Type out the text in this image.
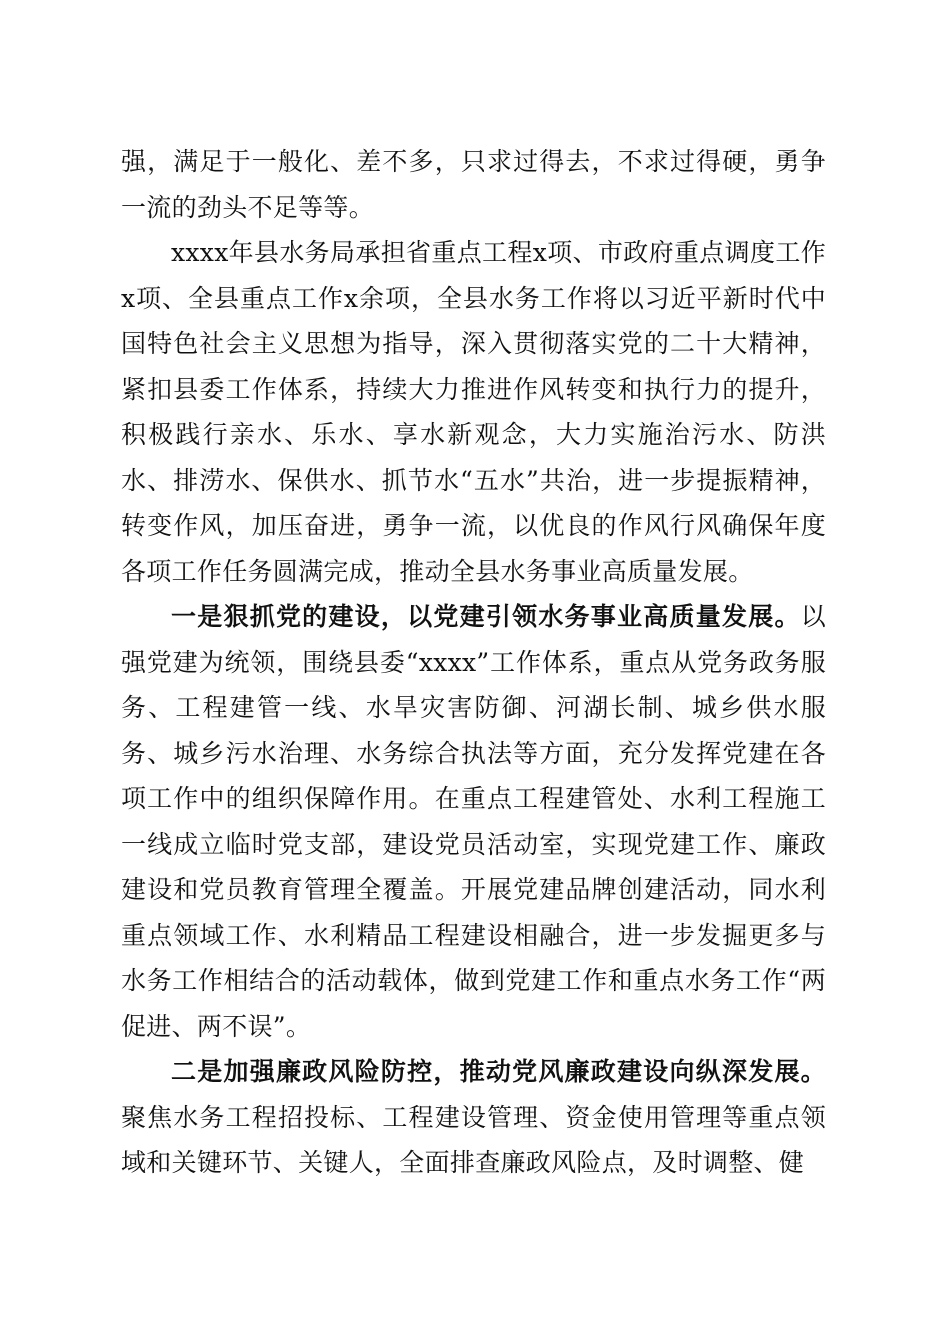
强，满足于一般化、差不多，只求过得去，不求过得硬，勇争一流的劲头不足等等。

xxxx年县水务局承担省重点工程x项、市政府重点调度工作x项、全县重点工作x余项，全县水务工作将以习近平新时代中国特色社会主义思想为指导，深入贯彻落实党的二十大精神，紧扣县委工作体系，持续大力推进作风转变和执行力的提升，积极践行亲水、乐水、享水新观念，大力实施治污水、防洪水、排涝水、保供水、抓节水“五水”共治，进一步提振精神，转变作风，加压奋进，勇争一流，以优良的作风行风确保年度各项工作任务圆满完成，推动全县水务事业高质量发展。

一是狠抓党的建设，以党建引领水务事业高质量发展。以强党建为统领，围绕县委“xxxx”工作体系，重点从党务政务服务、工程建管一线、水旱灾害防御、河湖长制、城乡供水服务、城乡污水治理、水务综合执法等方面，充分发挥党建在各项工作中的组织保障作用。在重点工程建管处、水利工程施工一线成立临时党支部，建设党员活动室，实现党建工作、廉政建设和党员教育管理全覆盖。开展党建品牌创建活动，同水利重点领域工作、水利精品工程建设相融合，进一步发掘更多与水务工作相结合的活动载体，做到党建工作和重点水务工作“两促进、两不误”。

二是加强廉政风险防控，推动党风廉政建设向纵深发展。聚焦水务工程招投标、工程建设管理、资金使用管理等重点领域和关键环节、关键人，全面排查廉政风险点，及时调整、健
